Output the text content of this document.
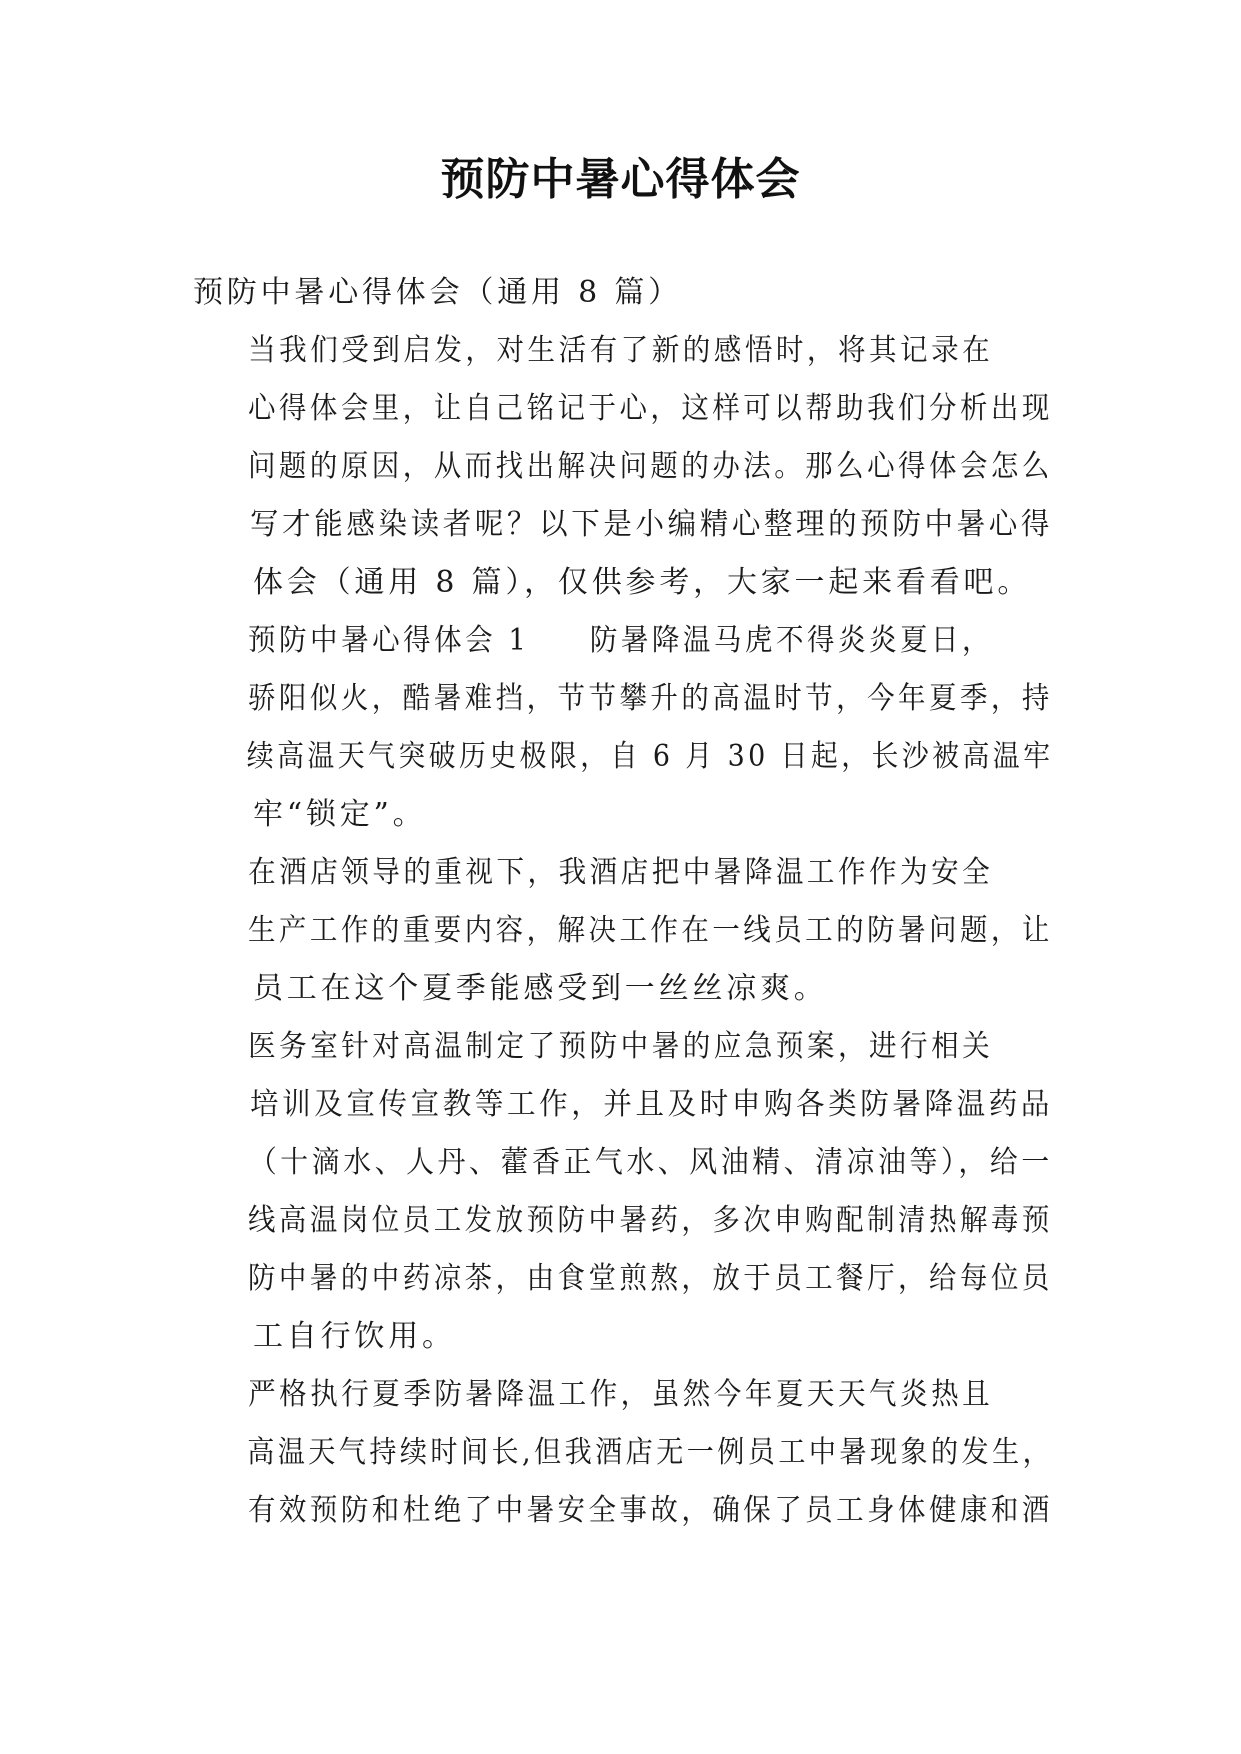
预防中暑心得体会

预防中暑心得体会（通用 8 篇）

当我们受到启发，对生活有了新的感悟时，将其记录在
心得体会里，让自己铭记于心，这样可以帮助我们分析出现
问题的原因，从而找出解决问题的办法。那么心得体会怎么
写才能感染读者呢？以下是小编精心整理的预防中暑心得
体会（通用 8 篇），仅供参考，大家一起来看看吧。

预防中暑心得体会 1 防暑降温马虎不得炎炎夏日，
骄阳似火，酷暑难挡，节节攀升的高温时节，今年夏季，持
续高温天气突破历史极限，自 6 月 30 日起，长沙被高温牢
牢“锁定”。

在酒店领导的重视下，我酒店把中暑降温工作作为安全
生产工作的重要内容，解决工作在一线员工的防暑问题，让
员工在这个夏季能感受到一丝丝凉爽。

医务室针对高温制定了预防中暑的应急预案，进行相关
培训及宣传宣教等工作，并且及时申购各类防暑降温药品
（十滴水、人丹、藿香正气水、风油精、清凉油等），给一
线高温岗位员工发放预防中暑药，多次申购配制清热解毒预
防中暑的中药凉茶，由食堂煎熬，放于员工餐厅，给每位员
工自行饮用。

严格执行夏季防暑降温工作，虽然今年夏天天气炎热且
高温天气持续时间长,但我酒店无一例员工中暑现象的发生，
有效预防和杜绝了中暑安全事故，确保了员工身体健康和酒
